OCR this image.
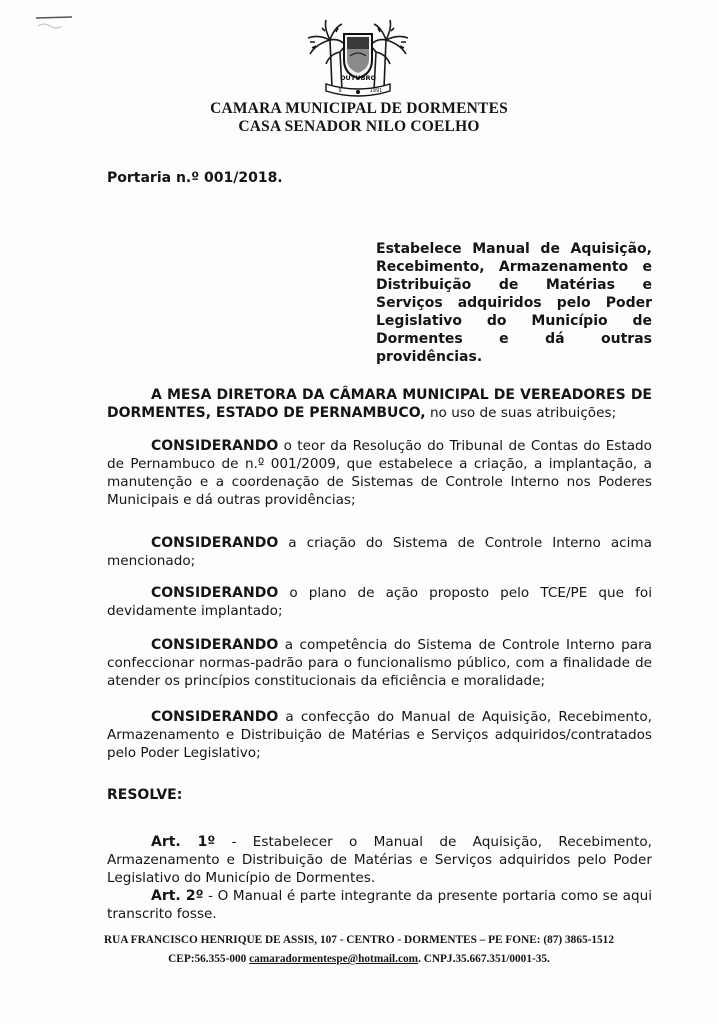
OUTUBRO
9	1991
CAMARA MUNICIPAL DE DORMENTES
CASA SENADOR NILO COELHO
Portaria n.º 001/2018.
Estabelece Manual de Aquisição, Recebimento, Armazenamento e Distribuição de Matérias e Serviços adquiridos pelo Poder Legislativo do Município de Dormentes e dá outras providências.
A MESA DIRETORA DA CÂMARA MUNICIPAL DE VEREADORES DE DORMENTES, ESTADO DE PERNAMBUCO, no uso de suas atribuições;
CONSIDERANDO o teor da Resolução do Tribunal de Contas do Estado de Pernambuco de n.º 001/2009, que estabelece a criação, a implantação, a manutenção e a coordenação de Sistemas de Controle Interno nos Poderes Municipais e dá outras providências;
CONSIDERANDO a criação do Sistema de Controle Interno acima mencionado;
CONSIDERANDO o plano de ação proposto pelo TCE/PE que foi devidamente implantado;
CONSIDERANDO a competência do Sistema de Controle Interno para confeccionar normas-padrão para o funcionalismo público, com a finalidade de atender os princípios constitucionais da eficiência e moralidade;
CONSIDERANDO a confecção do Manual de Aquisição, Recebimento, Armazenamento e Distribuição de Matérias e Serviços adquiridos/contratados pelo Poder Legislativo;
RESOLVE:
Art. 1º - Estabelecer o Manual de Aquisição, Recebimento, Armazenamento e Distribuição de Matérias e Serviços adquiridos pelo Poder Legislativo do Município de Dormentes.
Art. 2º - O Manual é parte integrante da presente portaria como se aqui transcrito fosse.
RUA FRANCISCO HENRIQUE DE ASSIS, 107 - CENTRO - DORMENTES – PE FONE: (87) 3865-1512
CEP:56.355-000 camaradormentespe@hotmail.com. CNPJ.35.667.351/0001-35.
